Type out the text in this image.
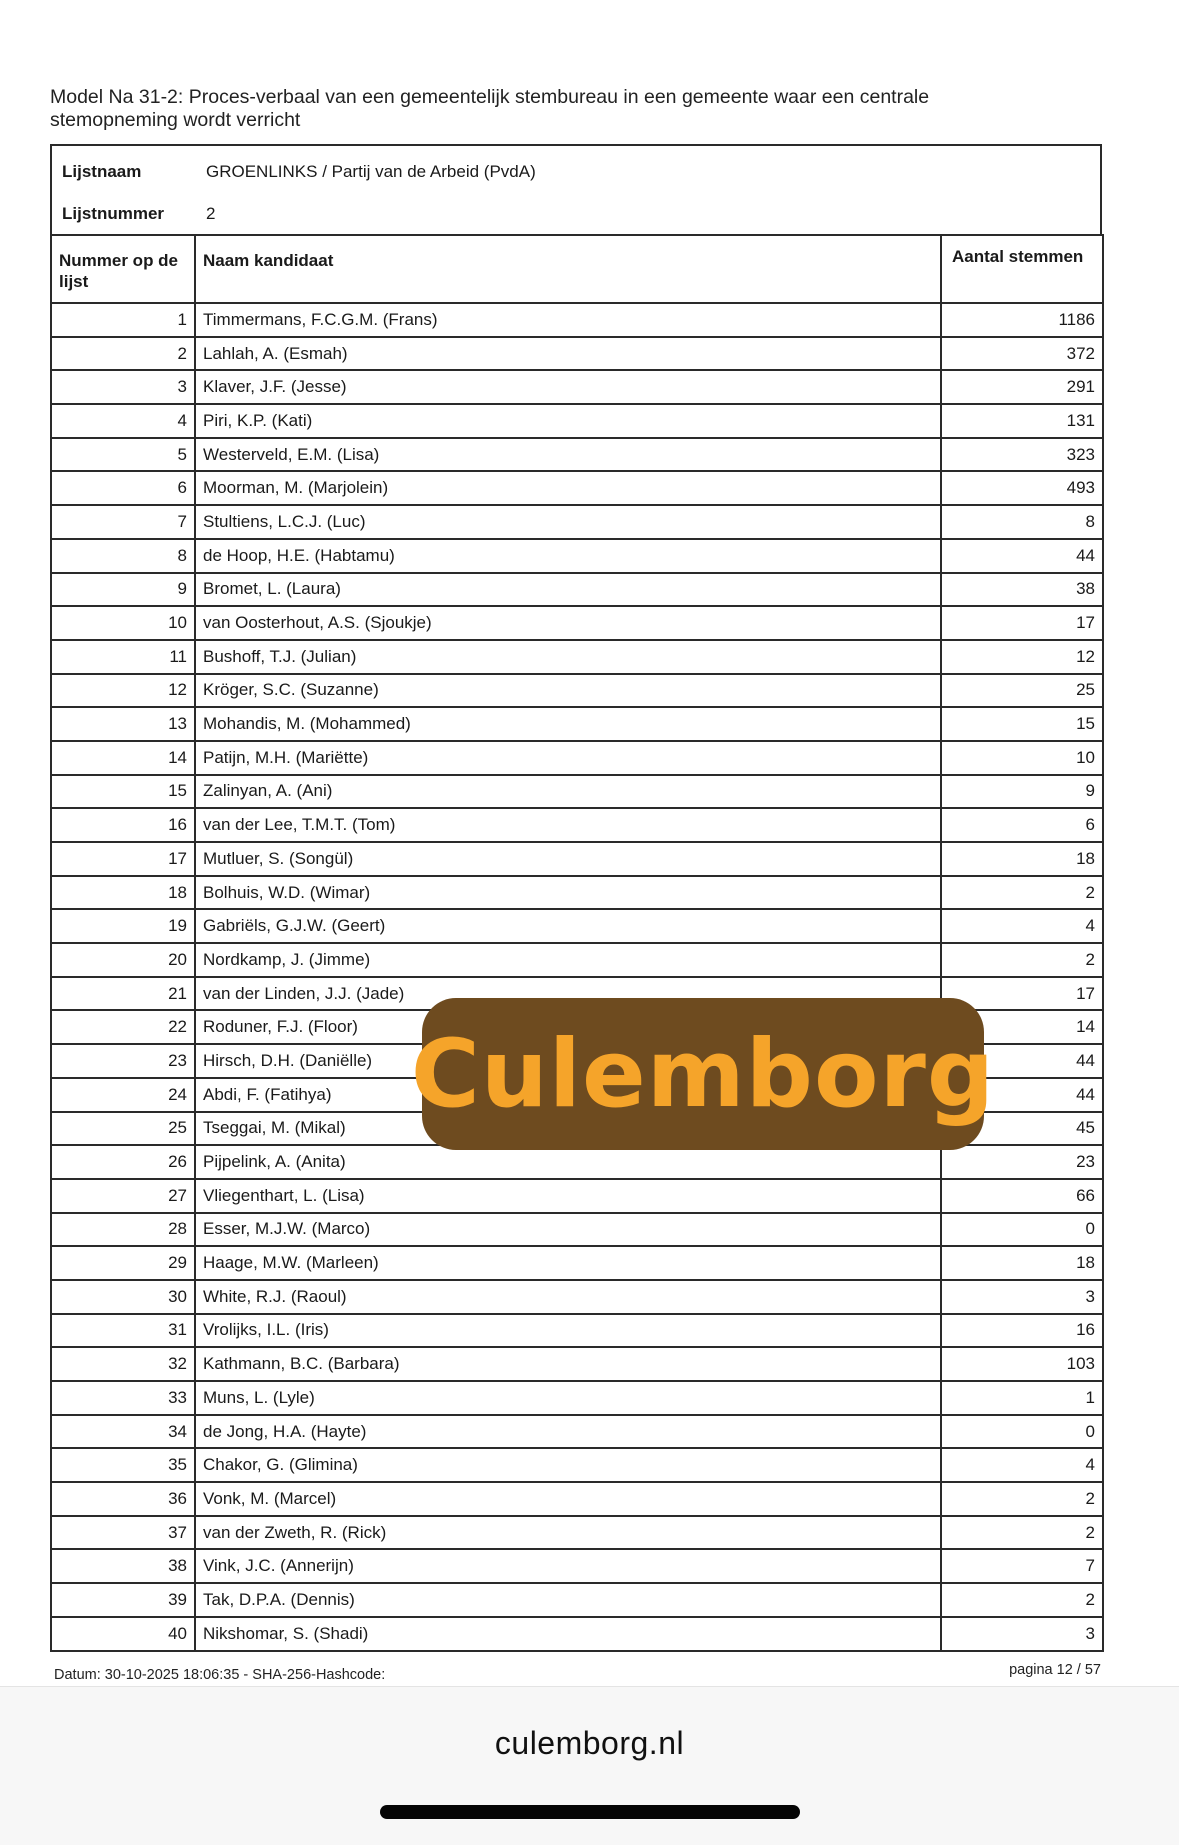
Model Na 31-2: Proces-verbaal van een gemeentelijk stembureau in een gemeente waar een centrale
stemopneming wordt verricht
Lijstnaam	GROENLINKS / Partij van de Arbeid (PvdA)
Lijstnummer 2
Nummer op de lijst	Naam kandidaat	Aantal stemmen
1	Timmermans, F.C.G.M. (Frans)	1186
2	Lahlah, A. (Esmah)	372
3	Klaver, J.F. (Jesse)	291
4	Piri, K.P. (Kati)	131
5	Westerveld, E.M. (Lisa)	323
6	Moorman, M. (Marjolein)	493
7	Stultiens, L.C.J. (Luc)	8
8	de Hoop, H.E. (Habtamu)	44
9	Bromet, L. (Laura)	38
10	van Oosterhout, A.S. (Sjoukje)	17
11	Bushoff, T.J. (Julian)	12
12	Kröger, S.C. (Suzanne)	25
13	Mohandis, M. (Mohammed)	15
14	Patijn, M.H. (Mariëtte)	10
15	Zalinyan, A. (Ani)	9
16	van der Lee, T.M.T. (Tom)	6
17	Mutluer, S. (Songül)	18
18	Bolhuis, W.D. (Wimar)	2
19	Gabriëls, G.J.W. (Geert)	4
20	Nordkamp, J. (Jimme)	2
21	van der Linden, J.J. (Jade)	17
22	Roduner, F.J. (Floor)	14
23	Hirsch, D.H. (Daniëlle)	44
24	Abdi, F. (Fatihya)	44
25	Tseggai, M. (Mikal)	45
26	Pijpelink, A. (Anita)	23
27	Vliegenthart, L. (Lisa)	66
28	Esser, M.J.W. (Marco)	0
29	Haage, M.W. (Marleen)	18
30	White, R.J. (Raoul)	3
31	Vrolijks, I.L. (Iris)	16
32	Kathmann, B.C. (Barbara)	103
33	Muns, L. (Lyle)	1
34	de Jong, H.A. (Hayte)	0
35	Chakor, G. (Glimina)	4
36	Vonk, M. (Marcel)	2
37	van der Zweth, R. (Rick)	2
38	Vink, J.C. (Annerijn)	7
39	Tak, D.P.A. (Dennis)	2
40	Nikshomar, S. (Shadi)	3
Culemborg
Datum: 30-10-2025 18:06:35 - SHA-256-Hashcode:	pagina 12 / 57
culemborg.nl
